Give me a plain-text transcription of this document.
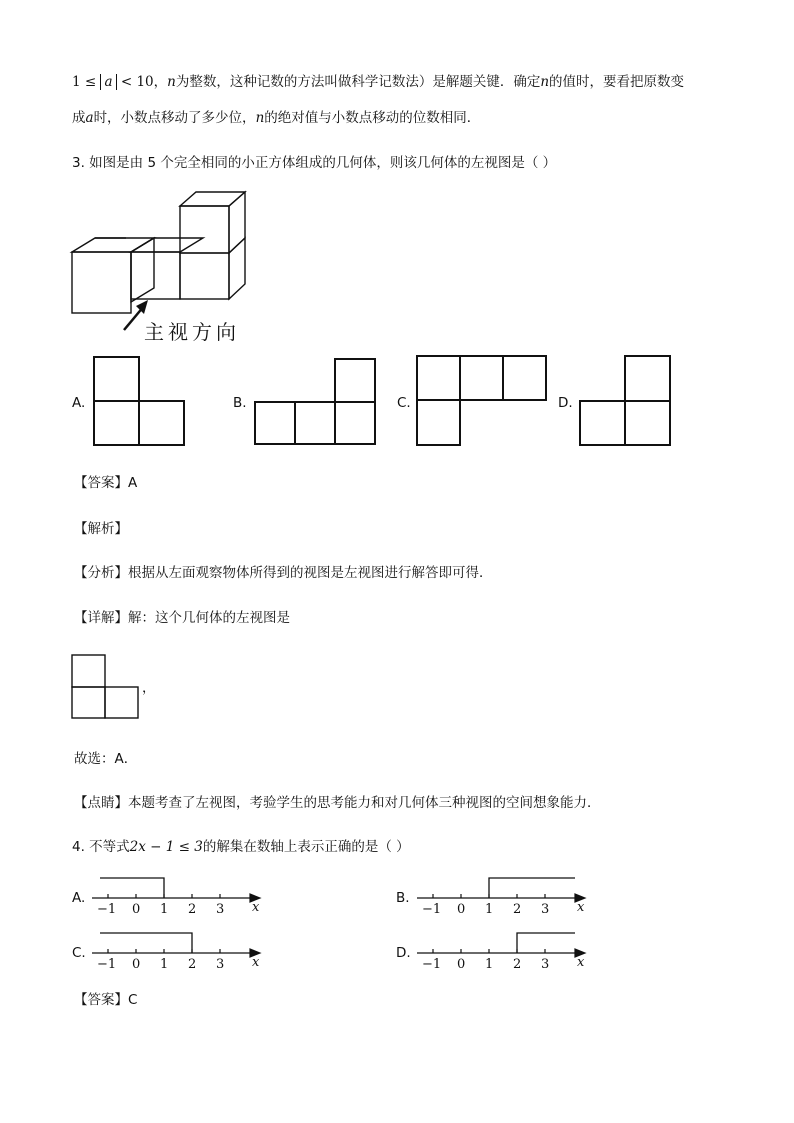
1 ≤ a < 10，n为整数，这种记数的方法叫做科学记数法）是解题关键．确定n的值时，要看把原数变
成a时，小数点移动了多少位，n的绝对值与小数点移动的位数相同．
3. 如图是由 5 个完全相同的小正方体组成的几何体，则该几何体的左视图是（ ）
主视方向
A.	B.	C.	D.
【答案】A
【解析】
【分析】根据从左面观察物体所得到的视图是左视图进行解答即可得．
【详解】解：这个几何体的左视图是
，
故选：A．
【点睛】本题考查了左视图，考验学生的思考能力和对几何体三种视图的空间想象能力．
4. 不等式2x − 1 ≤ 3的解集在数轴上表示正确的是（ ）
A.
−1 0 1 2 3 x
B.
−1 0 1 2 3 x
C.
−1 0 1 2 3 x
D.
−1 0 1 2 3 x
【答案】C
